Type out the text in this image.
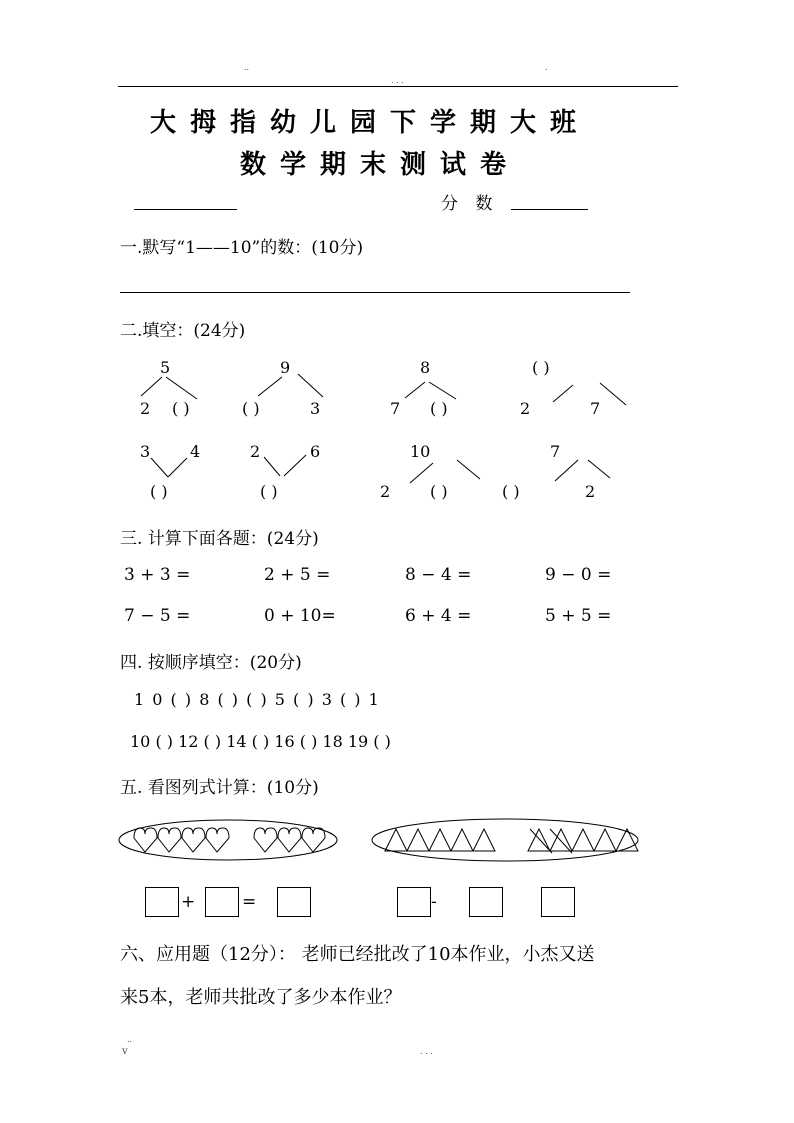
..
. . .
.
大拇指幼儿园下学期大班
数学期末测试卷
分 数
一.默写“1——10”的数：(10分)
二.填空：(24分)
5
2 ( )
9
( )	3
8
7 ( )
( )
2	7
3 4
( )
2	6
( )
10
2 ( )
7
( )	2
三. 计算下面各题：(24分)
3 + 3 =	2 + 5 =	8 − 4 =	9 − 0 =
7 − 5 =	0 + 10=	6 + 4 =	5 + 5 =
四. 按顺序填空：(20分)
1 0 ( ) 8 ( ) ( ) 5 ( ) 3 ( ) 1
10 ( ) 12 ( ) 14 ( ) 16 ( ) 18 19 ( )
五. 看图列式计算：(10分)
+	=	-
六、应用题（12分）： 老师已经批改了10本作业，小杰又送
来5本，老师共批改了多少本作业？
..
v	. . .
